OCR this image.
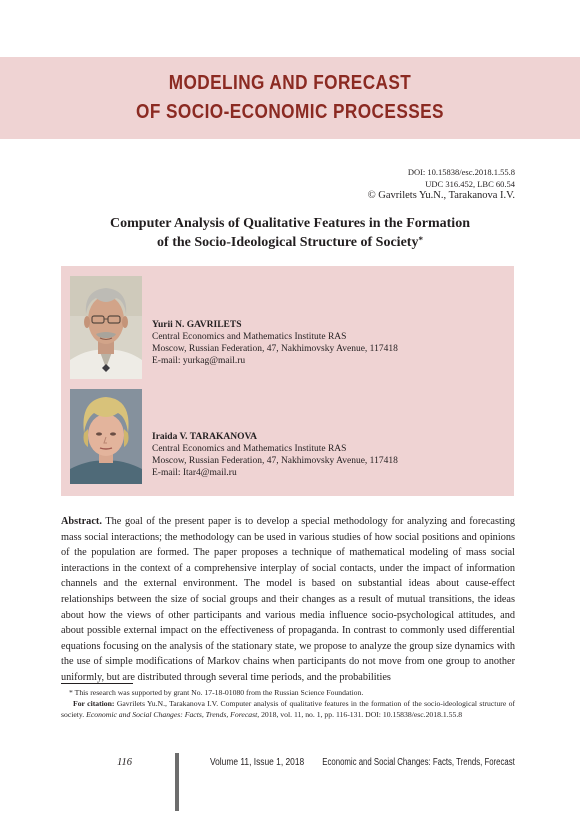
MODELING AND FORECAST
OF SOCIO-ECONOMIC PROCESSES
DOI: 10.15838/esc.2018.1.55.8
UDC 316.452, LBC 60.54
© Gavrilets Yu.N., Tarakanova I.V.
Computer Analysis of Qualitative Features in the Formation
of the Socio-Ideological Structure of Society*
Yurii N. GAVRILETS
Central Economics and Mathematics Institute RAS
Moscow, Russian Federation, 47, Nakhimovsky Avenue, 117418
E-mail: yurkag@mail.ru
Iraida V. TARAKANOVA
Central Economics and Mathematics Institute RAS
Moscow, Russian Federation, 47, Nakhimovsky Avenue, 117418
E-mail: Itar4@mail.ru
Abstract. The goal of the present paper is to develop a special methodology for analyzing and forecasting mass social interactions; the methodology can be used in various studies of how social positions and opinions of the population are formed. The paper proposes a technique of mathematical modeling of mass social interactions in the context of a comprehensive interplay of social contacts, under the impact of information channels and the external environment. The model is based on substantial ideas about cause-effect relationships between the size of social groups and their changes as a result of mutual transitions, the ideas about how the views of other participants and various media influence socio-psychological attitudes, and about possible external impact on the effectiveness of propaganda. In contrast to commonly used differential equations focusing on the analysis of the stationary state, we propose to analyze the group size dynamics with the use of simple modifications of Markov chains when participants do not move from one group to another uniformly, but are distributed through several time periods, and the probabilities
* This research was supported by grant No. 17-18-01080 from the Russian Science Foundation.
For citation: Gavrilets Yu.N., Tarakanova I.V. Computer analysis of qualitative features in the formation of the socio-ideological structure of society. Economic and Social Changes: Facts, Trends, Forecast, 2018, vol. 11, no. 1, pp. 116-131. DOI: 10.15838/esc.2018.1.55.8
116	Volume 11, Issue 1, 2018 Economic and Social Changes: Facts, Trends, Forecast
